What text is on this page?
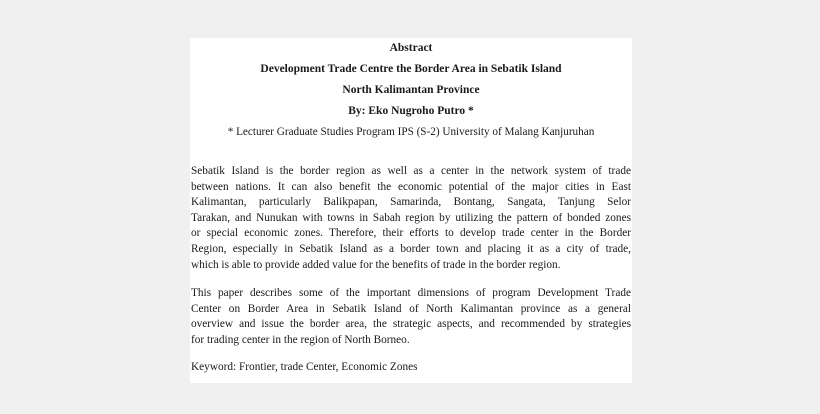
Abstract
Development Trade Centre the Border Area in Sebatik Island
North Kalimantan Province
By: Eko Nugroho Putro *
* Lecturer Graduate Studies Program IPS (S-2) University of Malang Kanjuruhan
Sebatik Island is the border region as well as a center in the network system of trade
between nations. It can also benefit the economic potential of the major cities in East
Kalimantan, particularly Balikpapan, Samarinda, Bontang, Sangata, Tanjung Selor
Tarakan, and Nunukan with towns in Sabah region by utilizing the pattern of bonded zones
or special economic zones. Therefore, their efforts to develop trade center in the Border
Region, especially in Sebatik Island as a border town and placing it as a city of trade,
which is able to provide added value for the benefits of trade in the border region.
This paper describes some of the important dimensions of program Development Trade
Center on Border Area in Sebatik Island of North Kalimantan province as a general
overview and issue the border area, the strategic aspects, and recommended by strategies
for trading center in the region of North Borneo.
Keyword: Frontier, trade Center, Economic Zones
